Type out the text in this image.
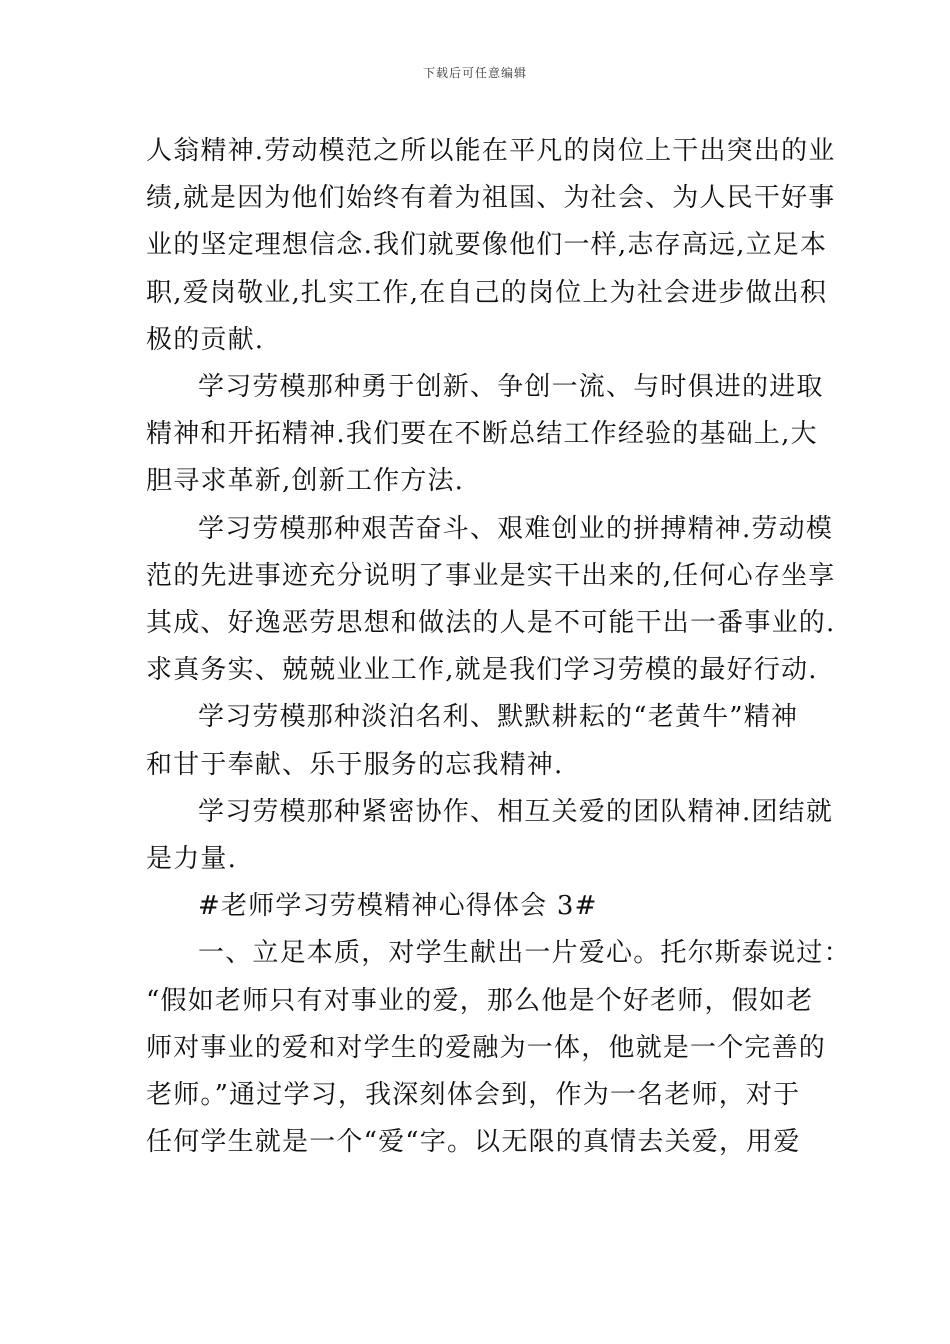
下载后可任意编辑

人翁精神.劳动模范之所以能在平凡的岗位上干出突出的业
绩,就是因为他们始终有着为祖国、为社会、为人民干好事
业的坚定理想信念.我们就要像他们一样,志存高远,立足本
职,爱岗敬业,扎实工作,在自己的岗位上为社会进步做出积
极的贡献.

学习劳模那种勇于创新、争创一流、与时俱进的进取
精神和开拓精神.我们要在不断总结工作经验的基础上,大
胆寻求革新,创新工作方法.

学习劳模那种艰苦奋斗、艰难创业的拼搏精神.劳动模
范的先进事迹充分说明了事业是实干出来的,任何心存坐享
其成、好逸恶劳思想和做法的人是不可能干出一番事业的.
求真务实、兢兢业业工作,就是我们学习劳模的最好行动.

学习劳模那种淡泊名利、默默耕耘的“老黄牛”精神
和甘于奉献、乐于服务的忘我精神.

学习劳模那种紧密协作、相互关爱的团队精神.团结就
是力量.

#老师学习劳模精神心得体会 3#

一、立足本质，对学生献出一片爱心。托尔斯泰说过：
“假如老师只有对事业的爱，那么他是个好老师，假如老
师对事业的爱和对学生的爱融为一体，他就是一个完善的
老师。”通过学习，我深刻体会到，作为一名老师，对于
任何学生就是一个“爱“字。以无限的真情去关爱，用爱
